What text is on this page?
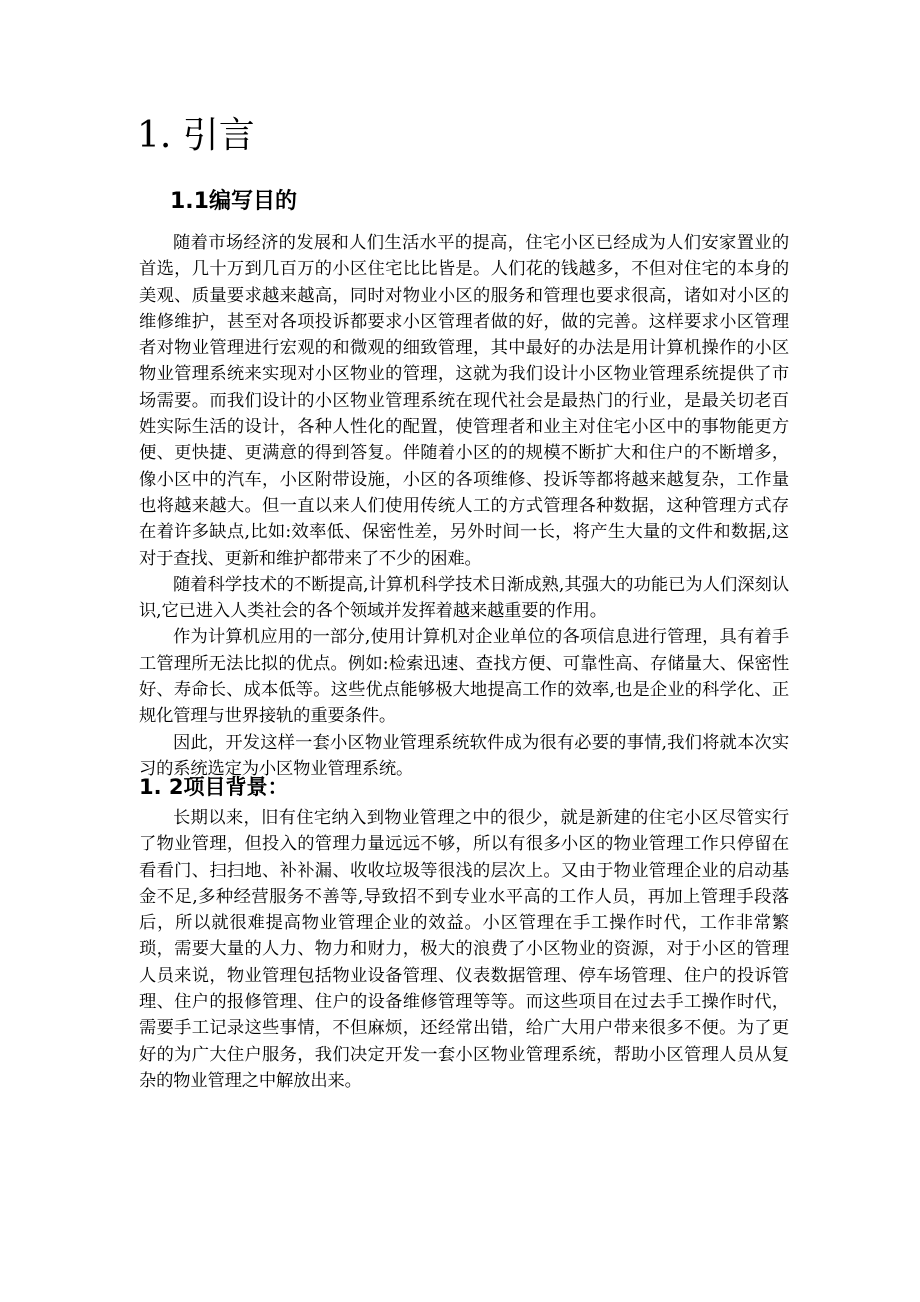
1. 引言
1.1编写目的

随着市场经济的发展和人们生活水平的提高，住宅小区已经成为人们安家置业的首选，几十万到几百万的小区住宅比比皆是。人们花的钱越多，不但对住宅的本身的美观、质量要求越来越高，同时对物业小区的服务和管理也要求很高，诸如对小区的维修维护，甚至对各项投诉都要求小区管理者做的好，做的完善。这样要求小区管理者对物业管理进行宏观的和微观的细致管理，其中最好的办法是用计算机操作的小区物业管理系统来实现对小区物业的管理，这就为我们设计小区物业管理系统提供了市场需要。而我们设计的小区物业管理系统在现代社会是最热门的行业，是最关切老百姓实际生活的设计，各种人性化的配置，使管理者和业主对住宅小区中的事物能更方便、更快捷、更满意的得到答复。伴随着小区的的规模不断扩大和住户的不断增多，像小区中的汽车，小区附带设施，小区的各项维修、投诉等都将越来越复杂，工作量也将越来越大。但一直以来人们使用传统人工的方式管理各种数据，这种管理方式存在着许多缺点,比如:效率低、保密性差，另外时间一长，将产生大量的文件和数据,这对于查找、更新和维护都带来了不少的困难。

随着科学技术的不断提高,计算机科学技术日渐成熟,其强大的功能已为人们深刻认识,它已进入人类社会的各个领域并发挥着越来越重要的作用。

作为计算机应用的一部分,使用计算机对企业单位的各项信息进行管理，具有着手工管理所无法比拟的优点。例如:检索迅速、查找方便、可靠性高、存储量大、保密性好、寿命长、成本低等。这些优点能够极大地提高工作的效率,也是企业的科学化、正规化管理与世界接轨的重要条件。

因此，开发这样一套小区物业管理系统软件成为很有必要的事情,我们将就本次实习的系统选定为小区物业管理系统。

1. 2项目背景：

长期以来，旧有住宅纳入到物业管理之中的很少，就是新建的住宅小区尽管实行了物业管理，但投入的管理力量远远不够，所以有很多小区的物业管理工作只停留在看看门、扫扫地、补补漏、收收垃圾等很浅的层次上。又由于物业管理企业的启动基金不足,多种经营服务不善等,导致招不到专业水平高的工作人员，再加上管理手段落后，所以就很难提高物业管理企业的效益。小区管理在手工操作时代，工作非常繁琐，需要大量的人力、物力和财力，极大的浪费了小区物业的资源，对于小区的管理人员来说，物业管理包括物业设备管理、仪表数据管理、停车场管理、住户的投诉管理、住户的报修管理、住户的设备维修管理等等。而这些项目在过去手工操作时代，需要手工记录这些事情，不但麻烦，还经常出错，给广大用户带来很多不便。为了更好的为广大住户服务，我们决定开发一套小区物业管理系统，帮助小区管理人员从复杂的物业管理之中解放出来。
